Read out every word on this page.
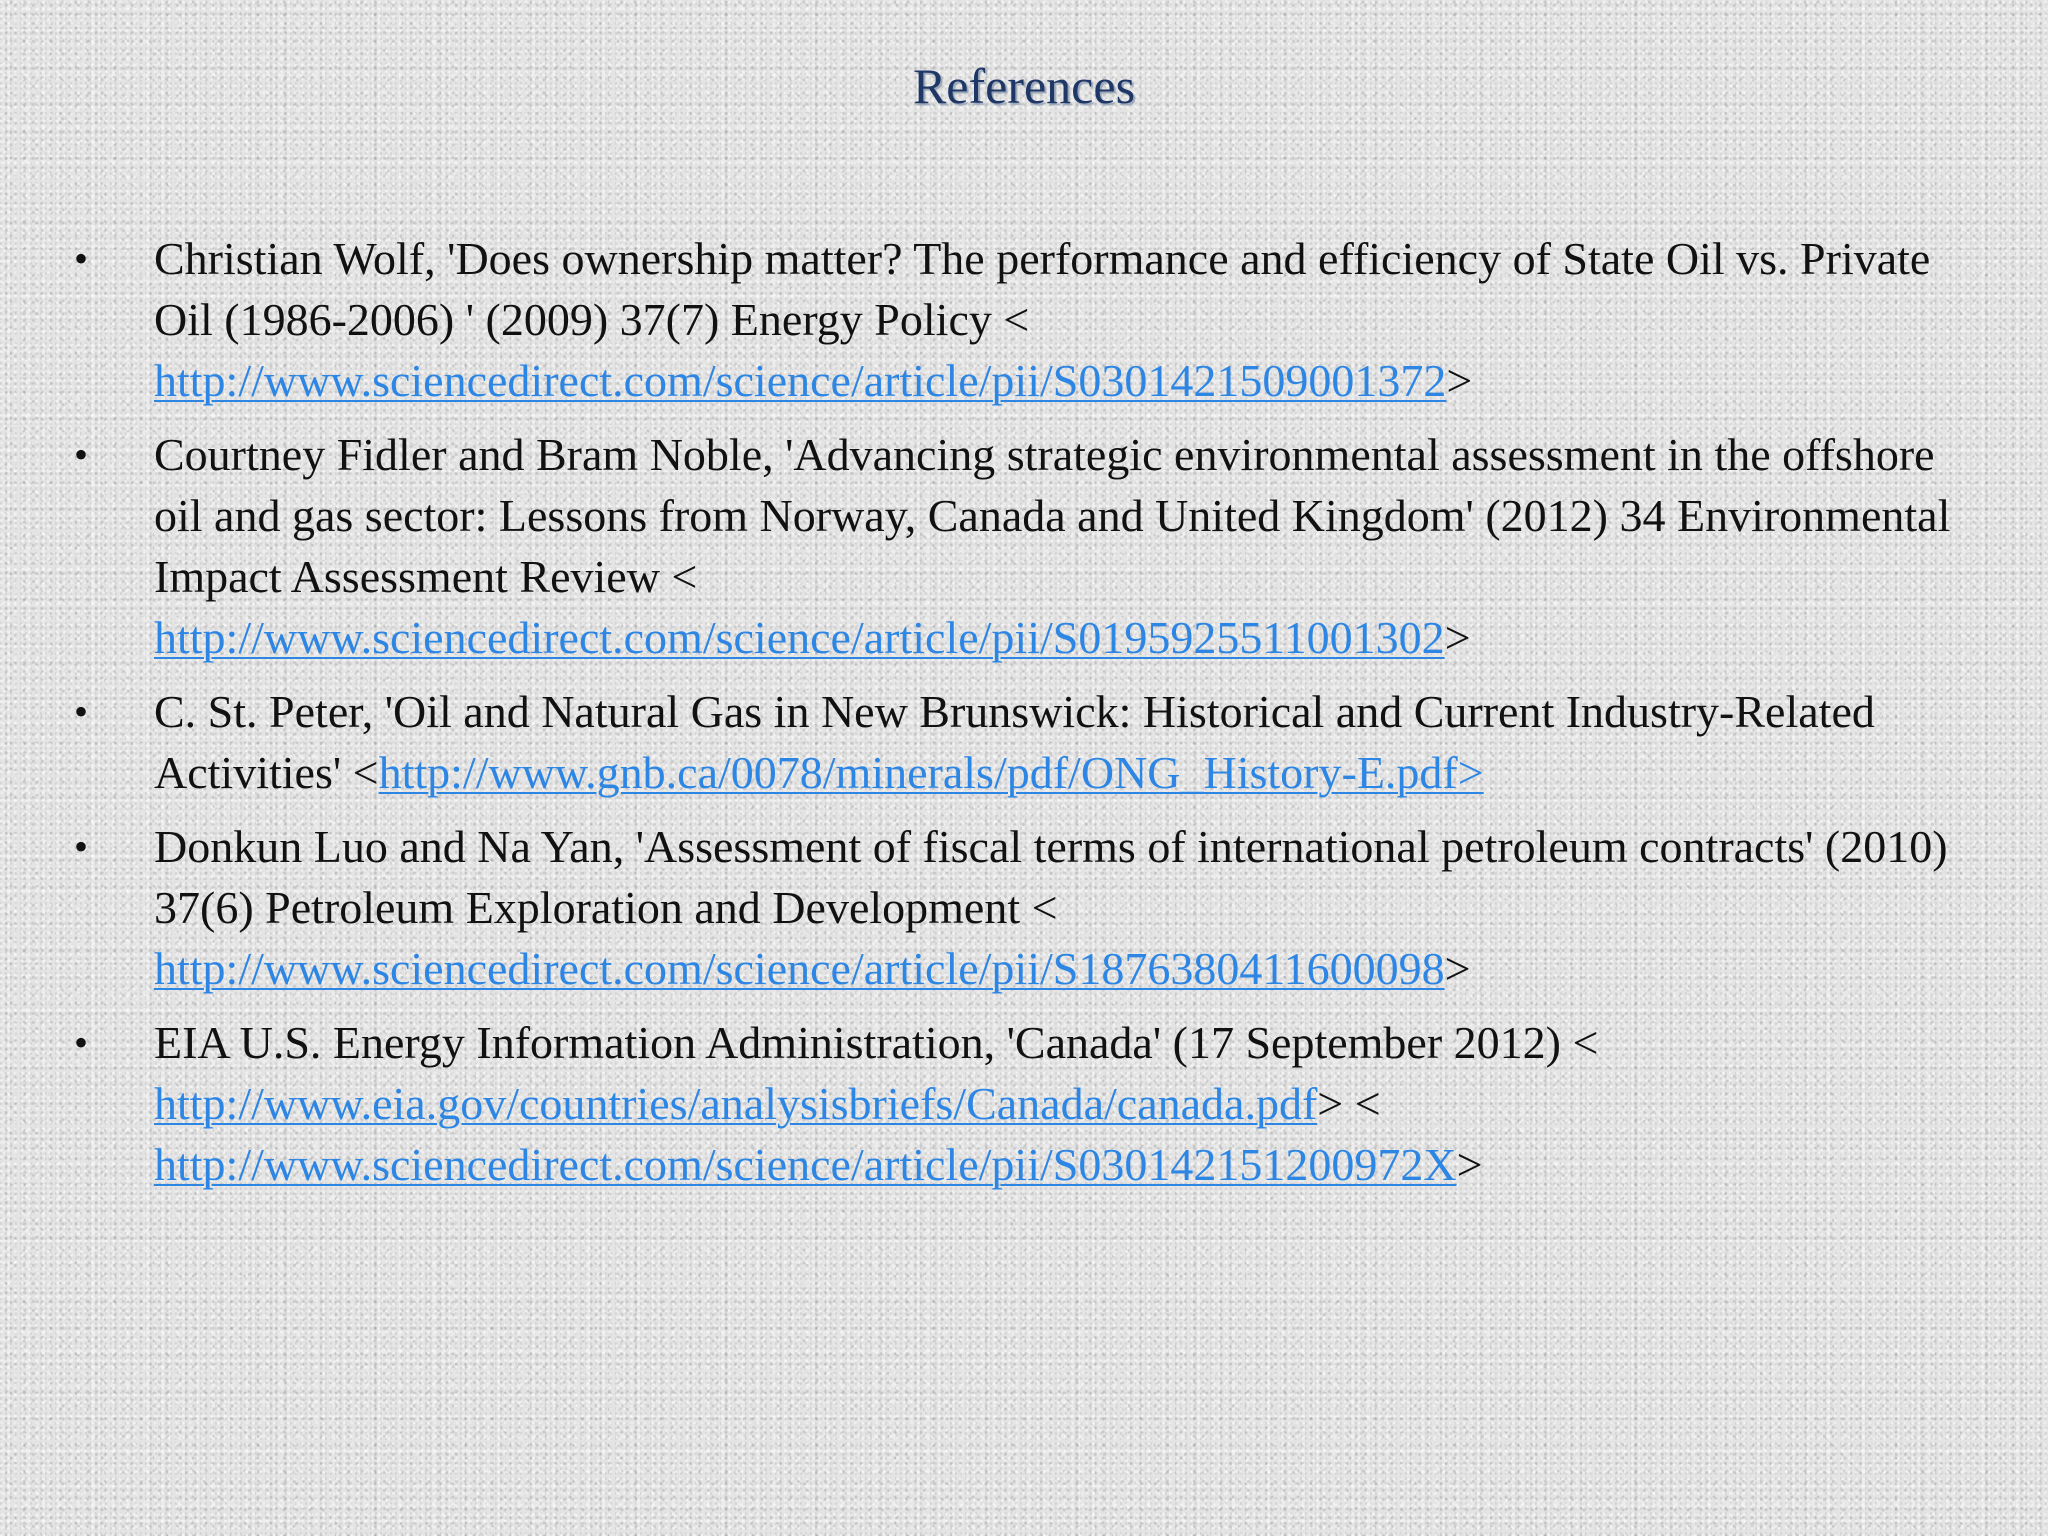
References
• Christian Wolf, 'Does ownership matter? The performance and efficiency of State Oil vs. Private Oil (1986-2006) ' (2009) 37(7) Energy Policy < http://www.sciencedirect.com/science/article/pii/S0301421509001372>
• Courtney Fidler and Bram Noble, 'Advancing strategic environmental assessment in the offshore oil and gas sector: Lessons from Norway, Canada and United Kingdom' (2012) 34 Environmental Impact Assessment Review < http://www.sciencedirect.com/science/article/pii/S0195925511001302>
• C. St. Peter, 'Oil and Natural Gas in New Brunswick: Historical and Current Industry-Related Activities' <http://www.gnb.ca/0078/minerals/pdf/ONG_History-E.pdf>
• Donkun Luo and Na Yan, 'Assessment of fiscal terms of international petroleum contracts' (2010) 37(6) Petroleum Exploration and Development < http://www.sciencedirect.com/science/article/pii/S1876380411600098>
• EIA U.S. Energy Information Administration, 'Canada' (17 September 2012) < http://www.eia.gov/countries/analysisbriefs/Canada/canada.pdf> < http://www.sciencedirect.com/science/article/pii/S030142151200972X>
